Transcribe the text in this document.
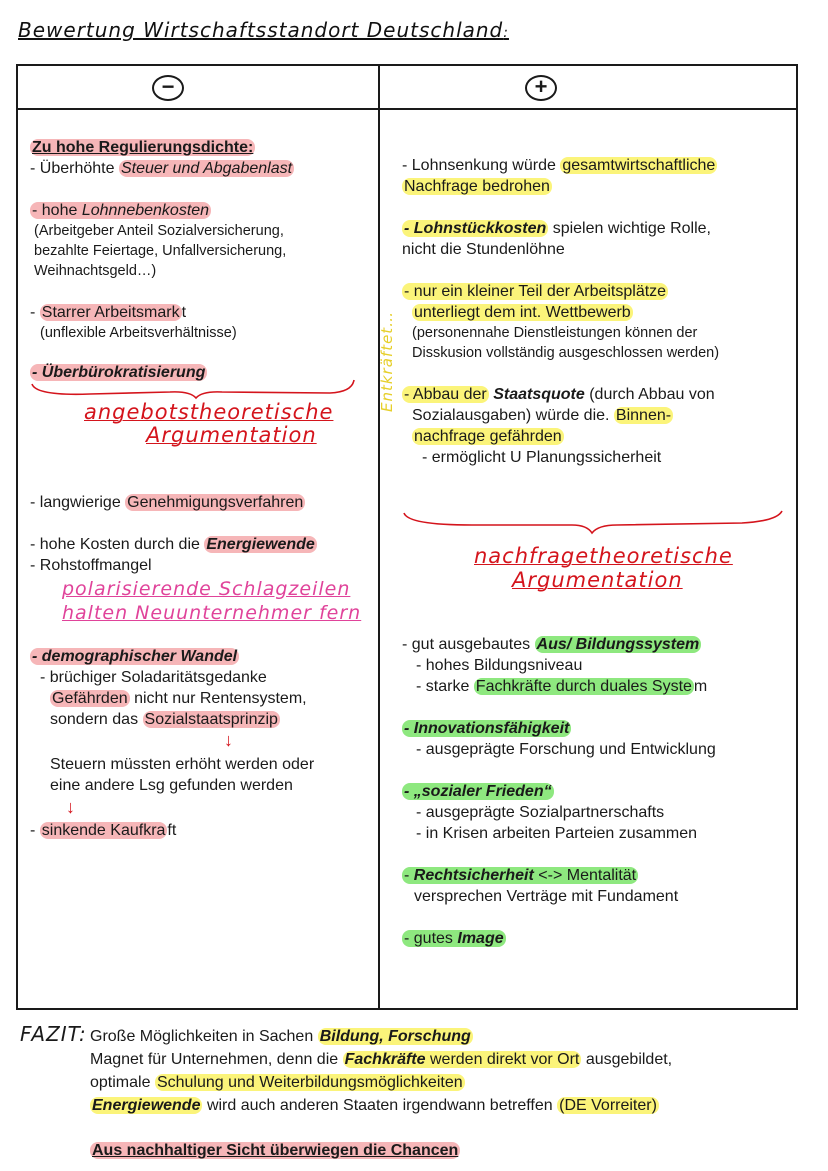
Bewertung Wirtschaftsstandort Deutschland:
−	+
Zu hohe Regulierungsdichte:
- Überhöhte Steuer und Abgabenlast
- hohe Lohnnebenkosten
(Arbeitgeber Anteil Sozialversicherung,
bezahlte Feiertage, Unfallversicherung,
Weihnachtsgeld…)
- Starrer Arbeitsmark t
(unflexible Arbeitsverhältnisse)
- Überbürokratisierung
angebotstheoretische
Argumentation
- langwierige Genehmigungsverfahren
- hohe Kosten durch die Energiewende
- Rohstoffmangel
polarisierende Schlagzeilen
halten Neuunternehmer fern
- demographischer Wandel
- brüchiger Soladaritätsgedanke
Gefährden nicht nur Rentensystem,
sondern das Sozialstaatsprinzip
↓
Steuern müssten erhöht werden oder
eine andere Lsg gefunden werden
↓
- sinkende Kaufkra ft
- Lohnsenkung würde gesamtwirtschaftliche
Nachfrage bedrohen
- Lohnstückkosten spielen wichtige Rolle,
nicht die Stundenlöhne
- nur ein kleiner Teil der Arbeitsplätze
unterliegt dem int. Wettbewerb
(personennahe Dienstleistungen können der
Disskusion vollständig ausgeschlossen werden)
- Abbau der Staatsquote (durch Abbau von
Sozialausgaben) würde die. Binnen-
nachfrage gefährden
- ermöglicht U Planungssicherheit
Entkräftet…
nachfragetheoretische
Argumentation
- gut ausgebautes Aus/ Bildungssystem
- hohes Bildungsniveau
- starke Fachkräfte durch duales Syste m
- Innovationsfähigkeit
- ausgeprägte Forschung und Entwicklung
- „sozialer Frieden“
- ausgeprägte Sozialpartnerschafts
- in Krisen arbeiten Parteien zusammen
- Rechtsicherheit <-> Mentalität
versprechen Verträge mit Fundament
- gutes Image
FAZIT: Große Möglichkeiten in Sachen Bildung, Forschung
Magnet für Unternehmen, denn die Fachkräfte werden direkt vor Ort ausgebildet,
optimale Schulung und Weiterbildungsmöglichkeiten
Energiewende wird auch anderen Staaten irgendwann betreffen (DE Vorreiter)
Aus nachhaltiger Sicht überwiegen die Chancen
